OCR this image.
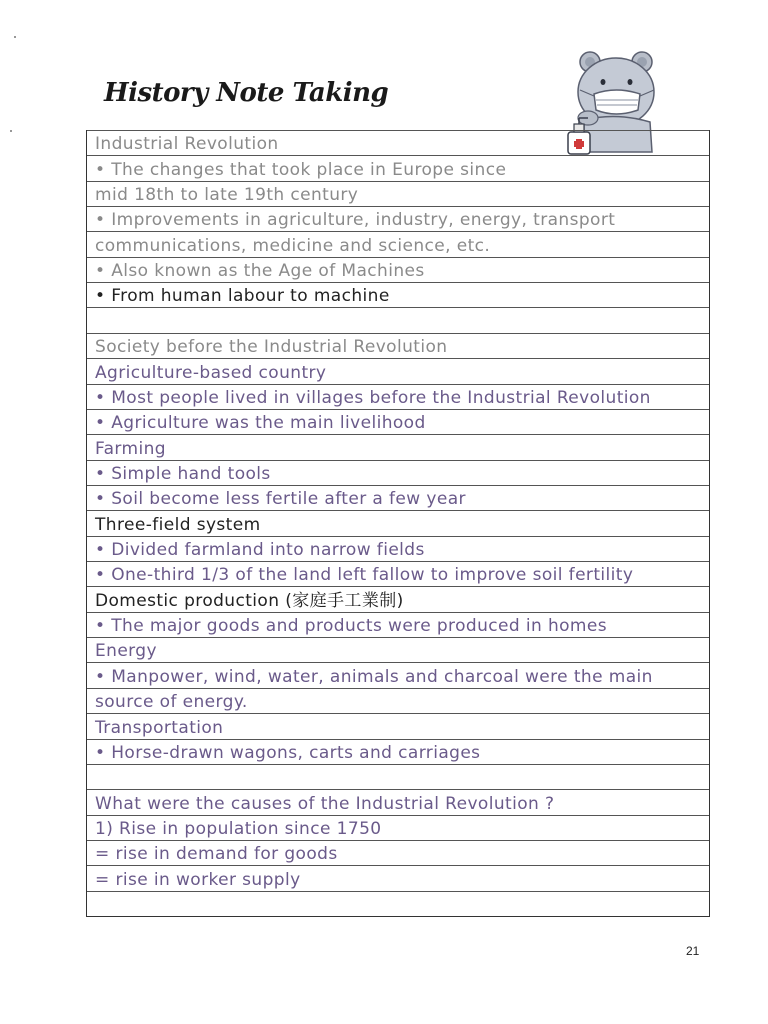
History Note Taking
Industrial Revolution
• The changes that took place in Europe since
mid 18th to late 19th century
• Improvements in agriculture, industry, energy, transport
communications, medicine and science, etc.
• Also known as the Age of Machines
• From human labour to machine
Society before the Industrial Revolution
Agriculture-based country
• Most people lived in villages before the Industrial Revolution
• Agriculture was the main livelihood
Farming
• Simple hand tools
• Soil become less fertile after a few year
Three-field system
• Divided farmland into narrow fields
• One-third 1/3 of the land left fallow to improve soil fertility
Domestic production (家庭手工業制)
• The major goods and products were produced in homes
Energy
• Manpower, wind, water, animals and charcoal were the main
source of energy.
Transportation
• Horse-drawn wagons, carts and carriages
What were the causes of the Industrial Revolution ?
1) Rise in population since 1750
= rise in demand for goods
= rise in worker supply
21
